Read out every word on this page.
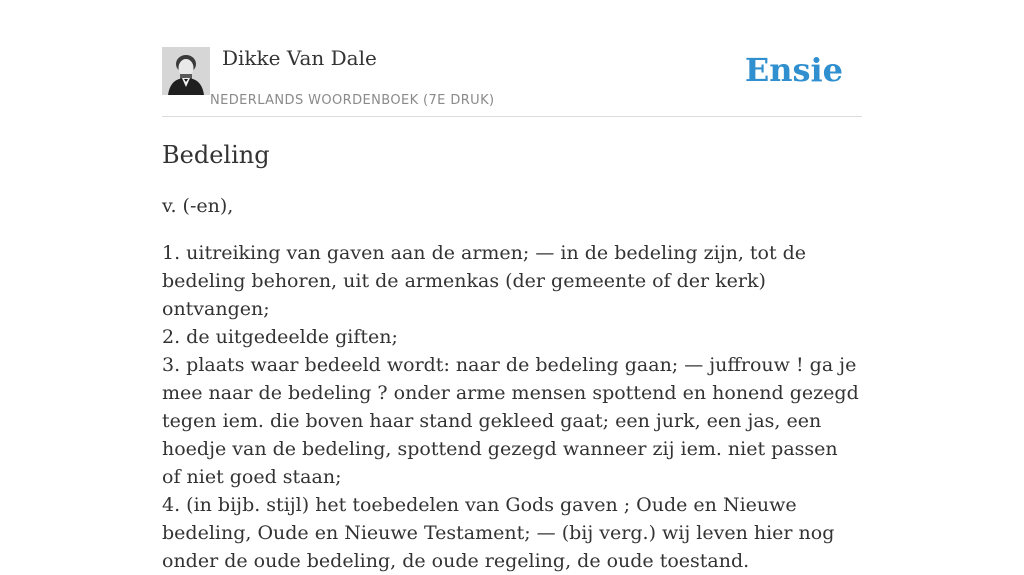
Dikke Van Dale
NEDERLANDS WOORDENBOEK (7E DRUK)
Ensie
Bedeling
v. (-en),
1. uitreiking van gaven aan de armen; — in de bedeling zijn, tot de bedeling behoren, uit de armenkas (der gemeente of der kerk) ontvangen;
2. de uitgedeelde giften;
3. plaats waar bedeeld wordt: naar de bedeling gaan; — juffrouw ! ga je mee naar de bedeling ? onder arme mensen spottend en honend gezegd tegen iem. die boven haar stand gekleed gaat; een jurk, een jas, een hoedje van de bedeling, spottend gezegd wanneer zij iem. niet passen of niet goed staan;
4. (in bijb. stijl) het toebedelen van Gods gaven ; Oude en Nieuwe bedeling, Oude en Nieuwe Testament; — (bij verg.) wij leven hier nog onder de oude bedeling, de oude regeling, de oude toestand.
